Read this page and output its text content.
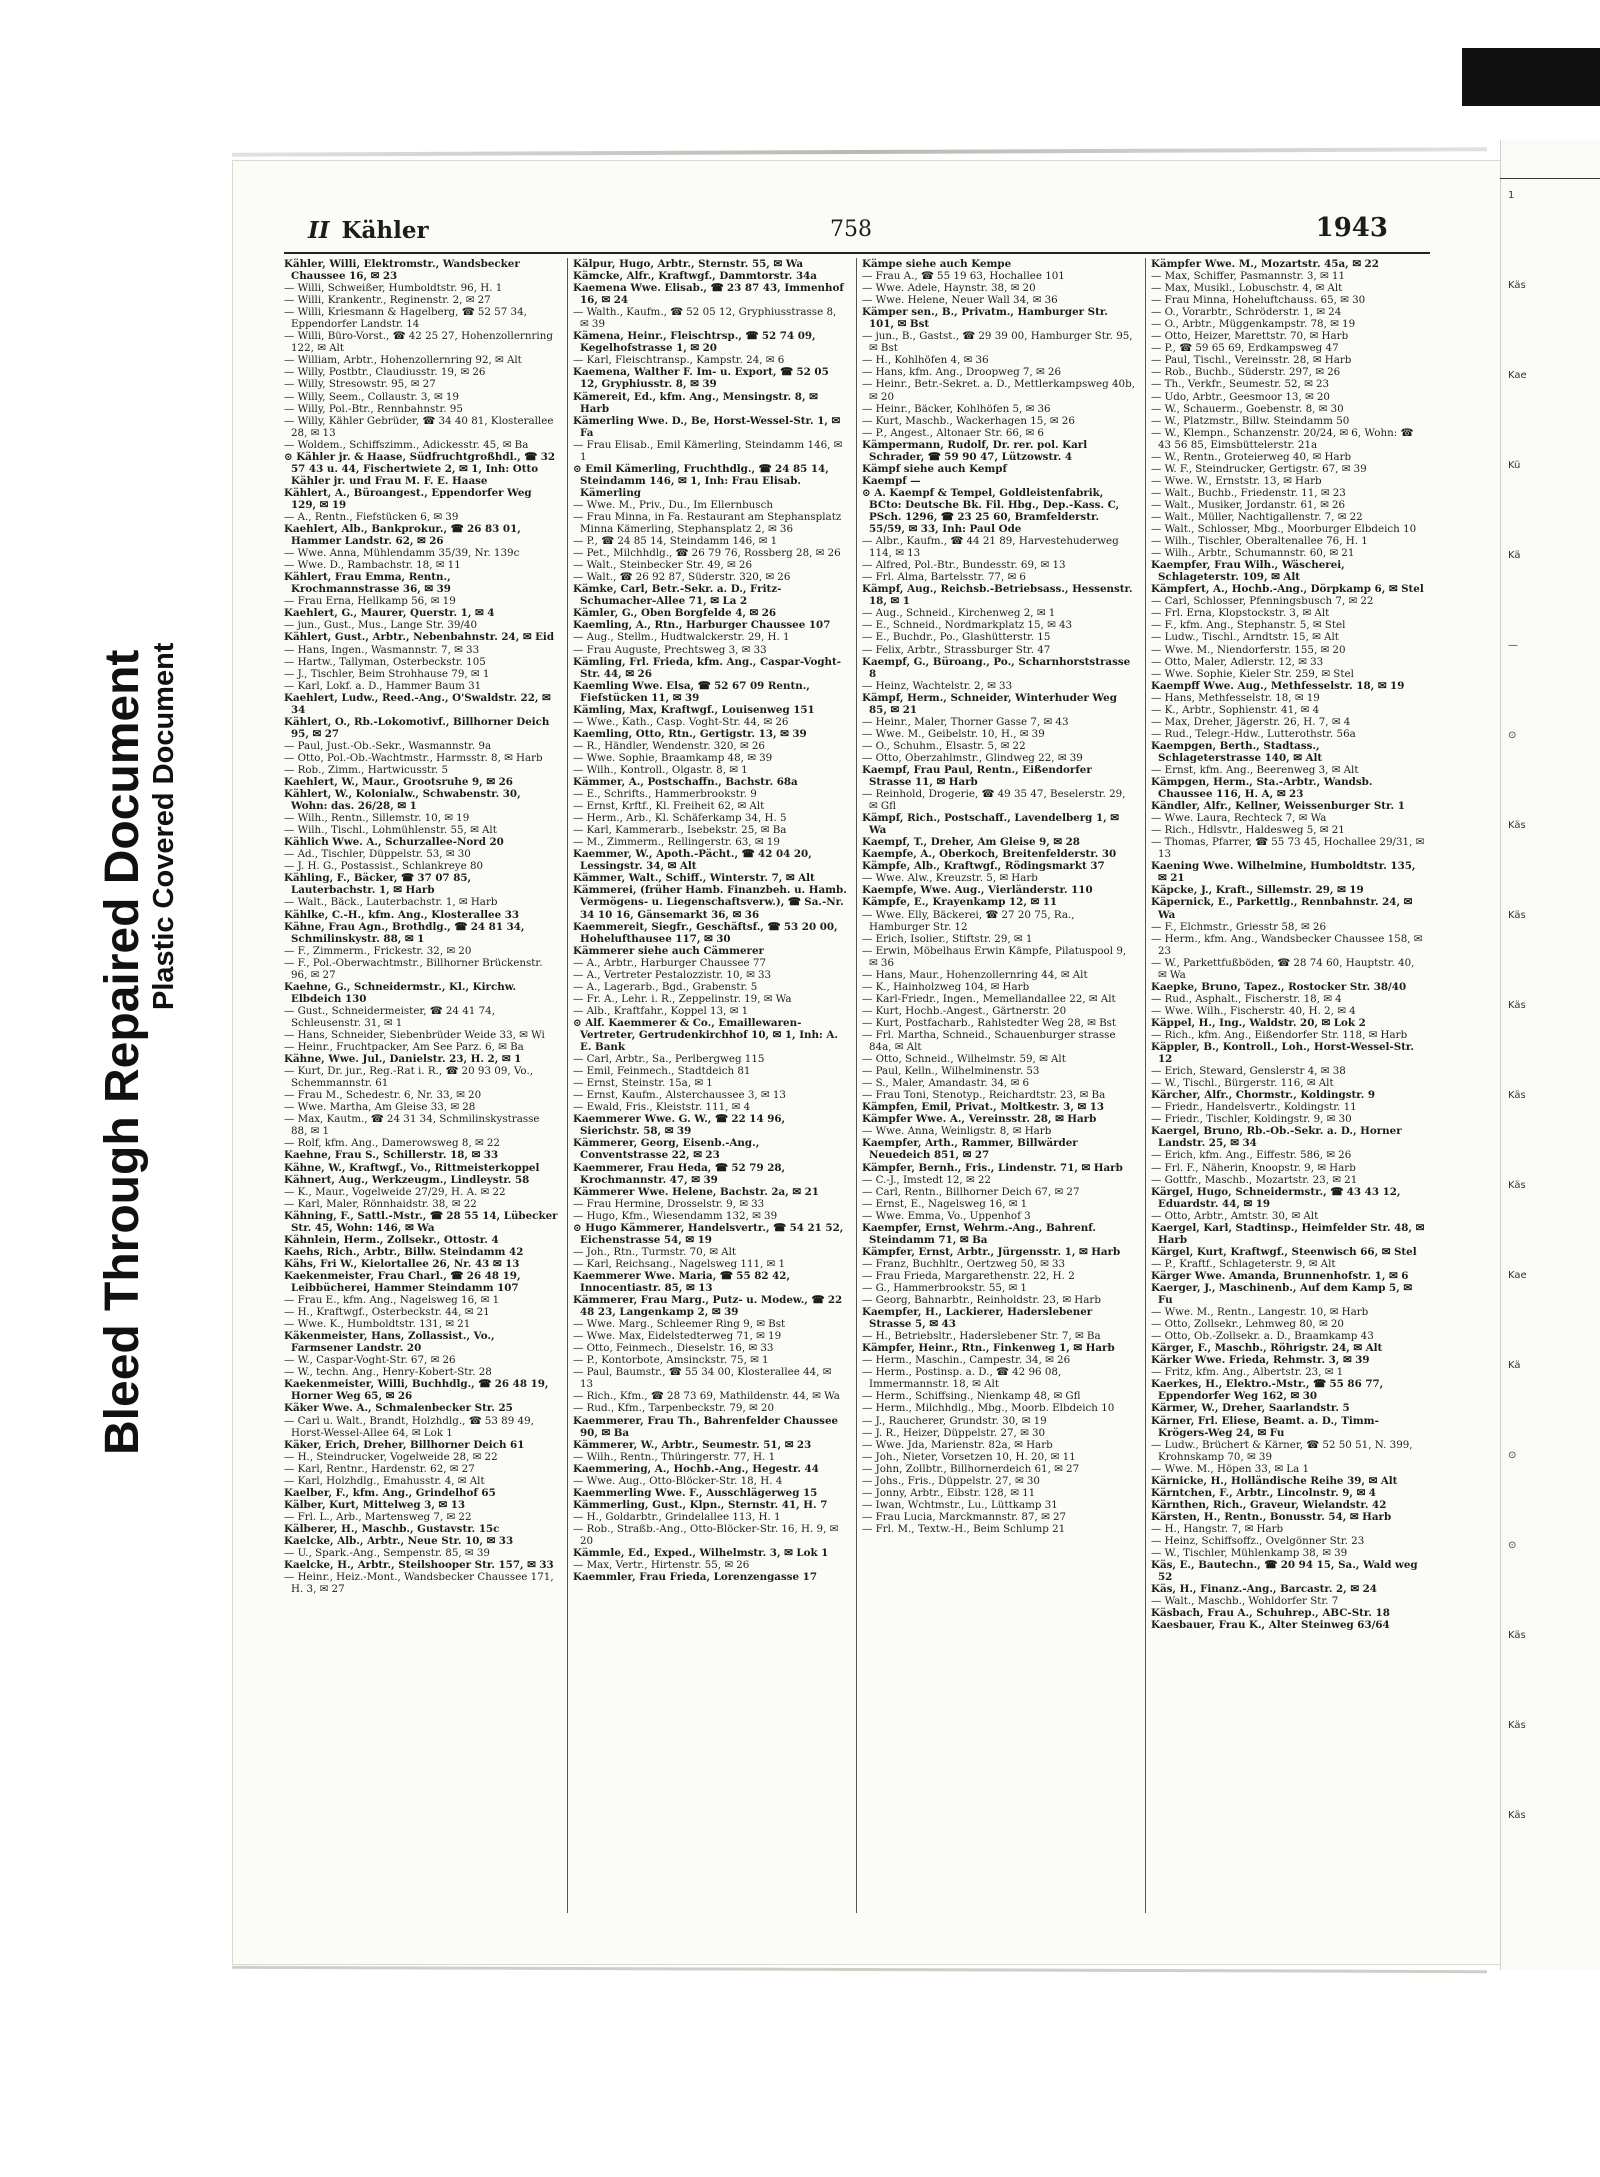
Bleed Through Repaired Document Plastic Covered Document
1
Käs
Kae
Kü
Kä
—
⊙
Käs
Käs
Käs
Käs
Käs
Kae
Kä
⊙
⊙
Käs
Käs
Käs
II Kähler	758	1943

Kähler, Willi, Elektromstr., Wandsbecker Chaussee 16, ✉ 23

— Willi, Schweißer, Humboldtstr. 96, H. 1

— Willi, Krankentr., Reginenstr. 2, ✉ 27

— Willi, Kriesmann & Hagelberg, ☎ 52 57 34, Eppendorfer Landstr. 14

— Willi, Büro-Vorst., ☎ 42 25 27, Hohenzollernring 122, ✉ Alt

— William, Arbtr., Hohenzollernring 92, ✉ Alt

— Willy, Postbtr., Claudiusstr. 19, ✉ 26

— Willy, Stresowstr. 95, ✉ 27

— Willy, Seem., Collaustr. 3, ✉ 19

— Willy, Pol.-Btr., Rennbahnstr. 95

— Willy, Kähler Gebrüder, ☎ 34 40 81, Klosterallee 28, ✉ 13

— Woldem., Schiffszimm., Adickesstr. 45, ✉ Ba

⊙ Kähler jr. & Haase, Südfruchtgroßhdl., ☎ 32 57 43 u. 44, Fischertwiete 2, ✉ 1, Inh: Otto Kähler jr. und Frau M. F. E. Haase

Kählert, A., Büroangest., Eppendorfer Weg 129, ✉ 19

— A., Rentn., Fiefstücken 6, ✉ 39

Kaehlert, Alb., Bankprokur., ☎ 26 83 01, Hammer Landstr. 62, ✉ 26

— Wwe. Anna, Mühlendamm 35/39, Nr. 139c

— Wwe. D., Rambachstr. 18, ✉ 11

Kählert, Frau Emma, Rentn., Krochmannstrasse 36, ✉ 39

— Frau Erna, Hellkamp 56, ✉ 19

Kaehlert, G., Maurer, Querstr. 1, ✉ 4

— jun., Gust., Mus., Lange Str. 39/40

Kählert, Gust., Arbtr., Nebenbahnstr. 24, ✉ Eid

— Hans, Ingen., Wasmannstr. 7, ✉ 33

— Hartw., Tallyman, Osterbeckstr. 105

— J., Tischler, Beim Strohhause 79, ✉ 1

— Karl, Lokf. a. D., Hammer Baum 31

Kaehlert, Ludw., Reed.-Ang., O'Swaldstr. 22, ✉ 34

Kählert, O., Rb.-Lokomotivf., Billhorner Deich 95, ✉ 27

— Paul, Just.-Ob.-Sekr., Wasmannstr. 9a

— Otto, Pol.-Ob.-Wachtmstr., Harmsstr. 8, ✉ Harb

— Rob., Zimm., Hartwicusstr. 5

Kaehlert, W., Maur., Grootsruhe 9, ✉ 26

Kählert, W., Kolonialw., Schwabenstr. 30, Wohn: das. 26/28, ✉ 1

— Wilh., Rentn., Sillemstr. 10, ✉ 19

— Wilh., Tischl., Lohmühlenstr. 55, ✉ Alt

Kählich Wwe. A., Schurzallee-Nord 20

— Ad., Tischler, Düppelstr. 53, ✉ 30

— J. H. G., Postassist., Schlankreye 80

Kähling, F., Bäcker, ☎ 37 07 85, Lauterbachstr. 1, ✉ Harb

— Walt., Bäck., Lauterbachstr. 1, ✉ Harb

Kählke, C.-H., kfm. Ang., Klosterallee 33

Kähne, Frau Agn., Brothdlg., ☎ 24 81 34, Schmilinskystr. 88, ✉ 1

— F., Zimmerm., Frickestr. 32, ✉ 20

— F., Pol.-Oberwachtmstr., Billhorner Brückenstr. 96, ✉ 27

Kaehne, G., Schneidermstr., Kl., Kirchw. Elbdeich 130

— Gust., Schneidermeister, ☎ 24 41 74, Schleusenstr. 31, ✉ 1

— Hans, Schneider, Siebenbrüder Weide 33, ✉ Wi

— Heinr., Fruchtpacker, Am See Parz. 6, ✉ Ba

Kähne, Wwe. Jul., Danielstr. 23, H. 2, ✉ 1

— Kurt, Dr. jur., Reg.-Rat i. R., ☎ 20 93 09, Vo., Schemmannstr. 61

— Frau M., Schedestr. 6, Nr. 33, ✉ 20

— Wwe. Martha, Am Gleise 33, ✉ 28

— Max, Kautm., ☎ 24 31 34, Schmilinskystrasse 88, ✉ 1

— Rolf, kfm. Ang., Damerowsweg 8, ✉ 22

Kaehne, Frau S., Schillerstr. 18, ✉ 33

Kähne, W., Kraftwgf., Vo., Rittmeisterkoppel

Kähnert, Aug., Werkzeugm., Lindleystr. 58

— K., Maur., Vogelweide 27/29, H. A. ✉ 22

— Karl, Maler, Rönnhaidstr. 38, ✉ 22

Kähning, F., Sattl.-Mstr., ☎ 28 55 14, Lübecker Str. 45, Wohn: 146, ✉ Wa

Kähnlein, Herm., Zollsekr., Ottostr. 4

Kaehs, Rich., Arbtr., Billw. Steindamm 42

Kähs, Fri W., Kielortallee 26, Nr. 43 ✉ 13

Kaekenmeister, Frau Charl., ☎ 26 48 19, Leibbücherei, Hammer Steindamm 107

— Frau E., kfm. Ang., Nagelsweg 16, ✉ 1

— H., Kraftwgf., Osterbeckstr. 44, ✉ 21

— Wwe. K., Humboldtstr. 131, ✉ 21

Käkenmeister, Hans, Zollassist., Vo., Farmsener Landstr. 20

— W., Caspar-Voght-Str. 67, ✉ 26

— W., techn. Ang., Henry-Kobert-Str. 28

Kaekenmeister, Willi, Buchhdlg., ☎ 26 48 19, Horner Weg 65, ✉ 26

Käker Wwe. A., Schmalenbecker Str. 25

— Carl u. Walt., Brandt, Holzhdlg., ☎ 53 89 49, Horst-Wessel-Allee 64, ✉ Lok 1

Käker, Erich, Dreher, Billhorner Deich 61

— H., Steindrucker, Vogelweide 28, ✉ 22

— Karl, Rentnr., Hardenstr. 62, ✉ 27

— Karl, Holzhdlg., Emahusstr. 4, ✉ Alt

Kaelber, F., kfm. Ang., Grindelhof 65

Kälber, Kurt, Mittelweg 3, ✉ 13

— Frl. L., Arb., Martensweg 7, ✉ 22

Kälberer, H., Maschb., Gustavstr. 15c

Kaelcke, Alb., Arbtr., Neue Str. 10, ✉ 33

— U., Spark.-Ang., Sempenstr. 85, ✉ 39

Kaelcke, H., Arbtr., Steilshooper Str. 157, ✉ 33

— Heinr., Heiz.-Mont., Wandsbecker Chaussee 171, H. 3, ✉ 27

Kälpur, Hugo, Arbtr., Sternstr. 55, ✉ Wa

Kämcke, Alfr., Kraftwgf., Dammtorstr. 34a

Kaemena Wwe. Elisab., ☎ 23 87 43, Immenhof 16, ✉ 24

— Walth., Kaufm., ☎ 52 05 12, Gryphiusstrasse 8, ✉ 39

Kämena, Heinr., Fleischtrsp., ☎ 52 74 09, Kegelhofstrasse 1, ✉ 20

— Karl, Fleischtransp., Kampstr. 24, ✉ 6

Kaemena, Walther F. Im- u. Export, ☎ 52 05 12, Gryphiusstr. 8, ✉ 39

Kämereit, Ed., kfm. Ang., Mensingstr. 8, ✉ Harb

Kämerling Wwe. D., Be, Horst-Wessel-Str. 1, ✉ Fa

— Frau Elisab., Emil Kämerling, Steindamm 146, ✉ 1

⊙ Emil Kämerling, Fruchthdlg., ☎ 24 85 14, Steindamm 146, ✉ 1, Inh: Frau Elisab. Kämerling

— Wwe. M., Priv., Du., Im Ellernbusch

— Frau Minna, in Fa. Restaurant am Stephansplatz Minna Kämerling, Stephansplatz 2, ✉ 36

— P., ☎ 24 85 14, Steindamm 146, ✉ 1

— Pet., Milchhdlg., ☎ 26 79 76, Rossberg 28, ✉ 26

— Walt., Steinbecker Str. 49, ✉ 26

— Walt., ☎ 26 92 87, Süderstr. 320, ✉ 26

Kämke, Carl, Betr.-Sekr. a. D., Fritz-Schumacher-Allee 71, ✉ La 2

Kämler, G., Oben Borgfelde 4, ✉ 26

Kaemling, A., Rtn., Harburger Chaussee 107

— Aug., Stellm., Hudtwalckerstr. 29, H. 1

— Frau Auguste, Prechtsweg 3, ✉ 33

Kämling, Frl. Frieda, kfm. Ang., Caspar-Voght-Str. 44, ✉ 26

Kaemling Wwe. Elsa, ☎ 52 67 09 Rentn., Fiefstücken 11, ✉ 39

Kämling, Max, Kraftwgf., Louisenweg 151

— Wwe., Kath., Casp. Voght-Str. 44, ✉ 26

Kaemling, Otto, Rtn., Gertigstr. 13, ✉ 39

— R., Händler, Wendenstr. 320, ✉ 26

— Wwe. Sophie, Braamkamp 48, ✉ 39

— Wilh., Kontroll., Olgastr. 8, ✉ 1

Kämmer, A., Postschaffn., Bachstr. 68a

— E., Schrifts., Hammerbrookstr. 9

— Ernst, Krftf., Kl. Freiheit 62, ✉ Alt

— Herm., Arb., Kl. Schäferkamp 34, H. 5

— Karl, Kammerarb., Isebekstr. 25, ✉ Ba

— M., Zimmerm., Rellingerstr. 63, ✉ 19

Kaemmer, W., Apoth.-Pächt., ☎ 42 04 20, Lessingstr. 34, ✉ Alt

Kämmer, Walt., Schiff., Winterstr. 7, ✉ Alt

Kämmerei, (früher Hamb. Finanzbeh. u. Hamb. Vermögens- u. Liegenschaftsverw.), ☎ Sa.-Nr. 34 10 16, Gänsemarkt 36, ✉ 36

Kaemmereit, Siegfr., Geschäftsf., ☎ 53 20 00, Hohelufthausee 117, ✉ 30

Kämmerer siehe auch Cämmerer

— A., Arbtr., Harburger Chaussee 77

— A., Vertreter Pestalozzistr. 10, ✉ 33

— A., Lagerarb., Bgd., Grabenstr. 5

— Fr. A., Lehr. i. R., Zeppelinstr. 19, ✉ Wa

— Alb., Kraftfahr., Koppel 13, ✉ 1

⊙ Alf. Kaemmerer & Co., Emaillewaren-Vertreter, Gertrudenkirchhof 10, ✉ 1, Inh: A. E. Bank

— Carl, Arbtr., Sa., Perlbergweg 115

— Emil, Feinmech., Stadtdeich 81

— Ernst, Steinstr. 15a, ✉ 1

— Ernst, Kaufm., Alsterchaussee 3, ✉ 13

— Ewald, Fris., Kleiststr. 111, ✉ 4

Kaemmerer Wwe. G. W., ☎ 22 14 96, Sierichstr. 58, ✉ 39

Kämmerer, Georg, Eisenb.-Ang., Conventstrasse 22, ✉ 23

Kaemmerer, Frau Heda, ☎ 52 79 28, Krochmannstr. 47, ✉ 39

Kämmerer Wwe. Helene, Bachstr. 2a, ✉ 21

— Frau Hermine, Drosselstr. 9, ✉ 33

— Hugo, Kfm., Wiesendamm 132, ✉ 39

⊙ Hugo Kämmerer, Handelsvertr., ☎ 54 21 52, Eichenstrasse 54, ✉ 19

— Joh., Rtn., Turmstr. 70, ✉ Alt

— Karl, Reichsang., Nagelsweg 111, ✉ 1

Kaemmerer Wwe. Maria, ☎ 55 82 42, Innocentiastr. 85, ✉ 13

Kämmerer, Frau Marg., Putz- u. Modew., ☎ 22 48 23, Langenkamp 2, ✉ 39

— Wwe. Marg., Schleemer Ring 9, ✉ Bst

— Wwe. Max, Eidelstedterweg 71, ✉ 19

— Otto, Feinmech., Dieselstr. 16, ✉ 33

— P., Kontorbote, Amsinckstr. 75, ✉ 1

— Paul, Baumstr., ☎ 55 34 00, Klosterallee 44, ✉ 13

— Rich., Kfm., ☎ 28 73 69, Mathildenstr. 44, ✉ Wa

— Rud., Kfm., Tarpenbeckstr. 79, ✉ 20

Kaemmerer, Frau Th., Bahrenfelder Chaussee 90, ✉ Ba

Kämmerer, W., Arbtr., Seumestr. 51, ✉ 23

— Wilh., Rentn., Thüringerstr. 77, H. 1

Kaemmering, A., Hochb.-Ang., Hegestr. 44

— Wwe. Aug., Otto-Blöcker-Str. 18, H. 4

Kaemmerling Wwe. F., Ausschlägerweg 15

Kämmerling, Gust., Klpn., Sternstr. 41, H. 7

— H., Goldarbtr., Grindelallee 113, H. 1

— Rob., Straßb.-Ang., Otto-Blöcker-Str. 16, H. 9, ✉ 20

Kämmle, Ed., Exped., Wilhelmstr. 3, ✉ Lok 1

— Max, Vertr., Hirtenstr. 55, ✉ 26

Kaemmler, Frau Frieda, Lorenzengasse 17

Kämpe siehe auch Kempe

— Frau A., ☎ 55 19 63, Hochallee 101

— Wwe. Adele, Haynstr. 38, ✉ 20

— Wwe. Helene, Neuer Wall 34, ✉ 36

Kämper sen., B., Privatm., Hamburger Str. 101, ✉ Bst

— jun., B., Gastst., ☎ 29 39 00, Hamburger Str. 95, ✉ Bst

— H., Kohlhöfen 4, ✉ 36

— Hans, kfm. Ang., Droopweg 7, ✉ 26

— Heinr., Betr.-Sekret. a. D., Mettlerkampsweg 40b, ✉ 20

— Heinr., Bäcker, Kohlhöfen 5, ✉ 36

— Kurt, Maschb., Wackerhagen 15, ✉ 26

— P., Angest., Altonaer Str. 66, ✉ 6

Kämpermann, Rudolf, Dr. rer. pol. Karl Schrader, ☎ 59 90 47, Lützowstr. 4

Kämpf siehe auch Kempf

Kaempf —

⊙ A. Kaempf & Tempel, Goldleistenfabrik, BCto: Deutsche Bk. Fil. Hbg., Dep.-Kass. C, PSch. 1296, ☎ 23 25 60, Bramfelderstr. 55/59, ✉ 33, Inh: Paul Ode

— Albr., Kaufm., ☎ 44 21 89, Harvestehuderweg 114, ✉ 13

— Alfred, Pol.-Btr., Bundesstr. 69, ✉ 13

— Frl. Alma, Bartelsstr. 77, ✉ 6

Kämpf, Aug., Reichsb.-Betriebsass., Hessenstr. 18, ✉ 1

— Aug., Schneid., Kirchenweg 2, ✉ 1

— E., Schneid., Nordmarkplatz 15, ✉ 43

— E., Buchdr., Po., Glashütterstr. 15

— Felix, Arbtr., Strassburger Str. 47

Kaempf, G., Büroang., Po., Scharnhorststrasse 8

— Heinz, Wachtelstr. 2, ✉ 33

Kämpf, Herm., Schneider, Winterhuder Weg 85, ✉ 21

— Heinr., Maler, Thorner Gasse 7, ✉ 43

— Wwe. M., Geibelstr. 10, H., ✉ 39

— O., Schuhm., Elsastr. 5, ✉ 22

— Otto, Oberzahlmstr., Glindweg 22, ✉ 39

Kaempf, Frau Paul, Rentn., Eißendorfer Strasse 11, ✉ Harb

— Reinhold, Drogerie, ☎ 49 35 47, Beselerstr. 29, ✉ Gfl

Kämpf, Rich., Postschaff., Lavendelberg 1, ✉ Wa

Kaempf, T., Dreher, Am Gleise 9, ✉ 28

Kaempfe, A., Oberkoch, Breitenfelderstr. 30

Kämpfe, Alb., Kraftwgf., Rödingsmarkt 37

— Wwe. Alw., Kreuzstr. 5, ✉ Harb

Kaempfe, Wwe. Aug., Vierländerstr. 110

Kämpfe, E., Krayenkamp 12, ✉ 11

— Wwe. Elly, Bäckerei, ☎ 27 20 75, Ra., Hamburger Str. 12

— Erich, Isolier., Stiftstr. 29, ✉ 1

— Erwin, Möbelhaus Erwin Kämpfe, Pilatuspool 9, ✉ 36

— Hans, Maur., Hohenzollernring 44, ✉ Alt

— K., Hainholzweg 104, ✉ Harb

— Karl-Friedr., Ingen., Memellandallee 22, ✉ Alt

— Kurt, Hochb.-Angest., Gärtnerstr. 20

— Kurt, Postfacharb., Rahlstedter Weg 28, ✉ Bst

— Frl. Martha, Schneid., Schauenburger strasse 84a, ✉ Alt

— Otto, Schneid., Wilhelmstr. 59, ✉ Alt

— Paul, Kelln., Wilhelminenstr. 53

— S., Maler, Amandastr. 34, ✉ 6

— Frau Toni, Stenotyp., Reichardtstr. 23, ✉ Ba

Kämpfen, Emil, Privat., Moltkestr. 3, ✉ 13

Kämpfer Wwe. A., Vereinsstr. 28, ✉ Harb

— Wwe. Anna, Weinligstr. 8, ✉ Harb

Kaempfer, Arth., Rammer, Billwärder Neuedeich 851, ✉ 27

Kämpfer, Bernh., Fris., Lindenstr. 71, ✉ Harb

— C.-J., Imstedt 12, ✉ 22

— Carl, Rentn., Billhorner Deich 67, ✉ 27

— Ernst, E., Nagelsweg 16, ✉ 1

— Wwe. Emma, Vo., Uppenhof 3

Kaempfer, Ernst, Wehrm.-Ang., Bahrenf. Steindamm 71, ✉ Ba

Kämpfer, Ernst, Arbtr., Jürgensstr. 1, ✉ Harb

— Franz, Buchhltr., Oertzweg 50, ✉ 33

— Frau Frieda, Margarethenstr. 22, H. 2

— G., Hammerbrookstr. 55, ✉ 1

— Georg, Bahnarbtr., Reinholdstr. 23, ✉ Harb

Kaempfer, H., Lackierer, Haderslebener Strasse 5, ✉ 43

— H., Betriebsltr., Haderslebener Str. 7, ✉ Ba

Kämpfer, Heinr., Rtn., Finkenweg 1, ✉ Harb

— Herm., Maschin., Campestr. 34, ✉ 26

— Herm., Postinsp. a. D., ☎ 42 96 08, Immermannstr. 18, ✉ Alt

— Herm., Schiffsing., Nienkamp 48, ✉ Gfl

— Herm., Milchhdlg., Mbg., Moorb. Elbdeich 10

— J., Raucherer, Grundstr. 30, ✉ 19

— J. R., Heizer, Düppelstr. 27, ✉ 30

— Wwe. Jda, Marienstr. 82a, ✉ Harb

— Joh., Nieter, Vorsetzen 10, H. 20, ✉ 11

— John, Zollbtr., Billhornerdeich 61, ✉ 27

— Johs., Fris., Düppelstr. 27, ✉ 30

— Jonny, Arbtr., Eibstr. 128, ✉ 11

— Iwan, Wchtmstr., Lu., Lüttkamp 31

— Frau Lucia, Marckmannstr. 87, ✉ 27

— Frl. M., Textw.-H., Beim Schlump 21

Kämpfer Wwe. M., Mozartstr. 45a, ✉ 22

— Max, Schiffer, Pasmannstr. 3, ✉ 11

— Max, Musikl., Lobuschstr. 4, ✉ Alt

— Frau Minna, Hoheluftchauss. 65, ✉ 30

— O., Vorarbtr., Schröderstr. 1, ✉ 24

— O., Arbtr., Müggenkampstr. 78, ✉ 19

— Otto, Heizer, Marettstr. 70, ✉ Harb

— P., ☎ 59 65 69, Erdkampsweg 47

— Paul, Tischl., Vereinsstr. 28, ✉ Harb

— Rob., Buchb., Süderstr. 297, ✉ 26

— Th., Verkfr., Seumestr. 52, ✉ 23

— Udo, Arbtr., Geesmoor 13, ✉ 20

— W., Schauerm., Goebenstr. 8, ✉ 30

— W., Platzmstr., Billw. Steindamm 50

— W., Klempn., Schanzenstr. 20/24, ✉ 6, Wohn: ☎ 43 56 85, Eimsbüttelerstr. 21a

— W., Rentn., Groteierweg 40, ✉ Harb

— W. F., Steindrucker, Gertigstr. 67, ✉ 39

— Wwe. W., Ernststr. 13, ✉ Harb

— Walt., Buchb., Friedenstr. 11, ✉ 23

— Walt., Musiker, Jordanstr. 61, ✉ 26

— Walt., Müller, Nachtigallenstr. 7, ✉ 22

— Walt., Schlosser, Mbg., Moorburger Elbdeich 10

— Wilh., Tischler, Oberaltenallee 76, H. 1

— Wilh., Arbtr., Schumannstr. 60, ✉ 21

Kaempfer, Frau Wilh., Wäscherei, Schlageterstr. 109, ✉ Alt

Kämpfert, A., Hochb.-Ang., Dörpkamp 6, ✉ Stel

— Carl, Schlosser, Pfenningsbusch 7, ✉ 22

— Frl. Erna, Klopstockstr. 3, ✉ Alt

— F., kfm. Ang., Stephanstr. 5, ✉ Stel

— Ludw., Tischl., Arndtstr. 15, ✉ Alt

— Wwe. M., Niendorferstr. 155, ✉ 20

— Otto, Maler, Adlerstr. 12, ✉ 33

— Wwe. Sophie, Kieler Str. 259, ✉ Stel

Kaempff Wwe. Aug., Methfesselstr. 18, ✉ 19

— Hans, Methfesselstr. 18, ✉ 19

— K., Arbtr., Sophienstr. 41, ✉ 4

— Max, Dreher, Jägerstr. 26, H. 7, ✉ 4

— Rud., Telegr.-Hdw., Lutterothstr. 56a

Kaempgen, Berth., Stadtass., Schlageterstrasse 140, ✉ Alt

— Ernst, kfm. Ang., Beerenweg 3, ✉ Alt

Kämpgen, Herm., Sta.-Arbtr., Wandsb. Chaussee 116, H. A, ✉ 23

Kändler, Alfr., Kellner, Weissenburger Str. 1

— Wwe. Laura, Rechteck 7, ✉ Wa

— Rich., Hdlsvtr., Haldesweg 5, ✉ 21

— Thomas, Pfarrer, ☎ 55 73 45, Hochallee 29/31, ✉ 13

Kaening Wwe. Wilhelmine, Humboldtstr. 135, ✉ 21

Käpcke, J., Kraft., Sillemstr. 29, ✉ 19

Käpernick, E., Parkettlg., Rennbahnstr. 24, ✉ Wa

— F., Elchmstr., Griesstr 58, ✉ 26

— Herm., kfm. Ang., Wandsbecker Chaussee 158, ✉ 23

— W., Parkettfußböden, ☎ 28 74 60, Hauptstr. 40, ✉ Wa

Kaepke, Bruno, Tapez., Rostocker Str. 38/40

— Rud., Asphalt., Fischerstr. 18, ✉ 4

— Wwe. Wilh., Fischerstr. 40, H. 2, ✉ 4

Käppel, H., Ing., Waldstr. 20, ✉ Lok 2

— Rich., kfm. Ang., Eißendorfer Str. 118, ✉ Harb

Käppler, B., Kontroll., Loh., Horst-Wessel-Str. 12

— Erich, Steward, Genslerstr 4, ✉ 38

— W., Tischl., Bürgerstr. 116, ✉ Alt

Kärcher, Alfr., Chormstr., Koldingstr. 9

— Friedr., Handelsvertr., Koldingstr. 11

— Friedr., Tischler, Koldingstr. 9, ✉ 30

Kaergel, Bruno, Rb.-Ob.-Sekr. a. D., Horner Landstr. 25, ✉ 34

— Erich, kfm. Ang., Eiffestr. 586, ✉ 26

— Frl. F., Näherin, Knoopstr. 9, ✉ Harb

— Gottfr., Maschb., Mozartstr. 23, ✉ 21

Kärgel, Hugo, Schneidermstr., ☎ 43 43 12, Eduardstr. 44, ✉ 19

— Otto, Arbtr., Amtstr. 30, ✉ Alt

Kaergel, Karl, Stadtinsp., Heimfelder Str. 48, ✉ Harb

Kärgel, Kurt, Kraftwgf., Steenwisch 66, ✉ Stel

— P., Kraftf., Schlageterstr. 9, ✉ Alt

Kärger Wwe. Amanda, Brunnenhofstr. 1, ✉ 6

Kaerger, J., Maschinenb., Auf dem Kamp 5, ✉ Fu

— Wwe. M., Rentn., Langestr. 10, ✉ Harb

— Otto, Zollsekr., Lehmweg 80, ✉ 20

— Otto, Ob.-Zollsekr. a. D., Braamkamp 43

Kärger, F., Maschb., Röhrigstr. 24, ✉ Alt

Kärker Wwe. Frieda, Rehmstr. 3, ✉ 39

— Fritz, kfm. Ang., Albertstr. 23, ✉ 1

Kaerkes, H., Elektro.-Mstr., ☎ 55 86 77, Eppendorfer Weg 162, ✉ 30

Kärmer, W., Dreher, Saarlandstr. 5

Kärner, Frl. Eliese, Beamt. a. D., Timm-Krögers-Weg 24, ✉ Fu

— Ludw., Brüchert & Kärner, ☎ 52 50 51, N. 399, Krohnskamp 70, ✉ 39

— Wwe. M., Höpen 33, ✉ La 1

Kärnicke, H., Holländische Reihe 39, ✉ Alt

Kärntchen, F., Arbtr., Lincolnstr. 9, ✉ 4

Kärnthen, Rich., Graveur, Wielandstr. 42

Kärsten, H., Rentn., Bonusstr. 54, ✉ Harb

— H., Hangstr. 7, ✉ Harb

— Heinz, Schiffsoffz., Ovelgönner Str. 23

— W., Tischler, Mühlenkamp 38, ✉ 39

Käs, E., Bautechn., ☎ 20 94 15, Sa., Wald weg 52

Käs, H., Finanz.-Ang., Barcastr. 2, ✉ 24

— Walt., Maschb., Wohldorfer Str. 7

Käsbach, Frau A., Schuhrep., ABC-Str. 18

Kaesbauer, Frau K., Alter Steinweg 63/64
